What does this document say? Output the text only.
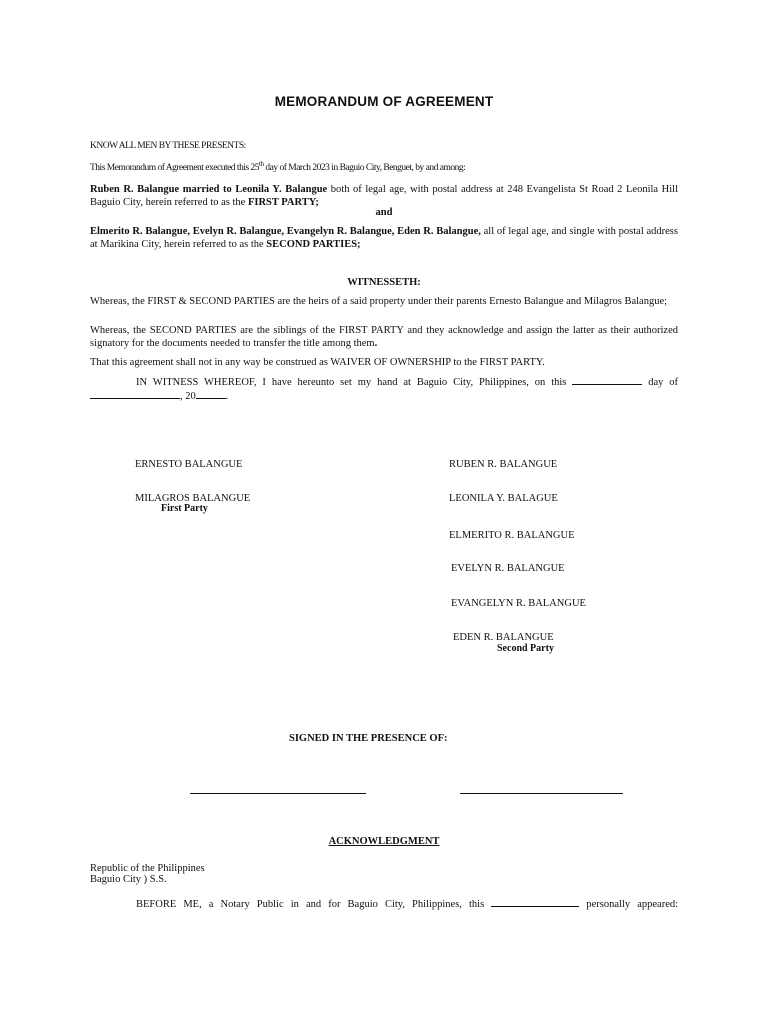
MEMORANDUM OF AGREEMENT
KNOW ALL MEN BY THESE PRESENTS:
This Memorandum of Agreement executed this 25th day of March 2023 in Baguio City, Benguet, by and among:
Ruben R. Balangue married to Leonila Y. Balangue both of legal age, with postal address at 248 Evangelista St Road 2 Leonila Hill Baguio City, herein referred to as the FIRST PARTY;
and
Elmerito R. Balangue, Evelyn R. Balangue, Evangelyn R. Balangue, Eden R. Balangue, all of legal age, and single with postal address at Marikina City, herein referred to as the SECOND PARTIES;
WITNESSETH:
Whereas, the FIRST & SECOND PARTIES are the heirs of a said property under their parents Ernesto Balangue and Milagros Balangue;
Whereas, the SECOND PARTIES are the siblings of the FIRST PARTY and they acknowledge and assign the latter as their authorized signatory for the documents needed to transfer the title among them.
That this agreement shall not in any way be construed as WAIVER OF OWNERSHIP to the FIRST PARTY.
IN WITNESS WHEREOF, I have hereunto set my hand at Baguio City, Philippines, on this	day of
, 20	.
ERNESTO BALANGUE
MILAGROS BALANGUE
First Party
RUBEN R. BALANGUE
LEONILA Y. BALAGUE
ELMERITO R. BALANGUE
EVELYN R. BALANGUE
EVANGELYN R. BALANGUE
EDEN R. BALANGUE
Second Party
SIGNED IN THE PRESENCE OF:
ACKNOWLEDGMENT
Republic of the Philippines
Baguio City ) S.S.
BEFORE ME, a Notary Public in and for Baguio City, Philippines, this	personally appeared:
